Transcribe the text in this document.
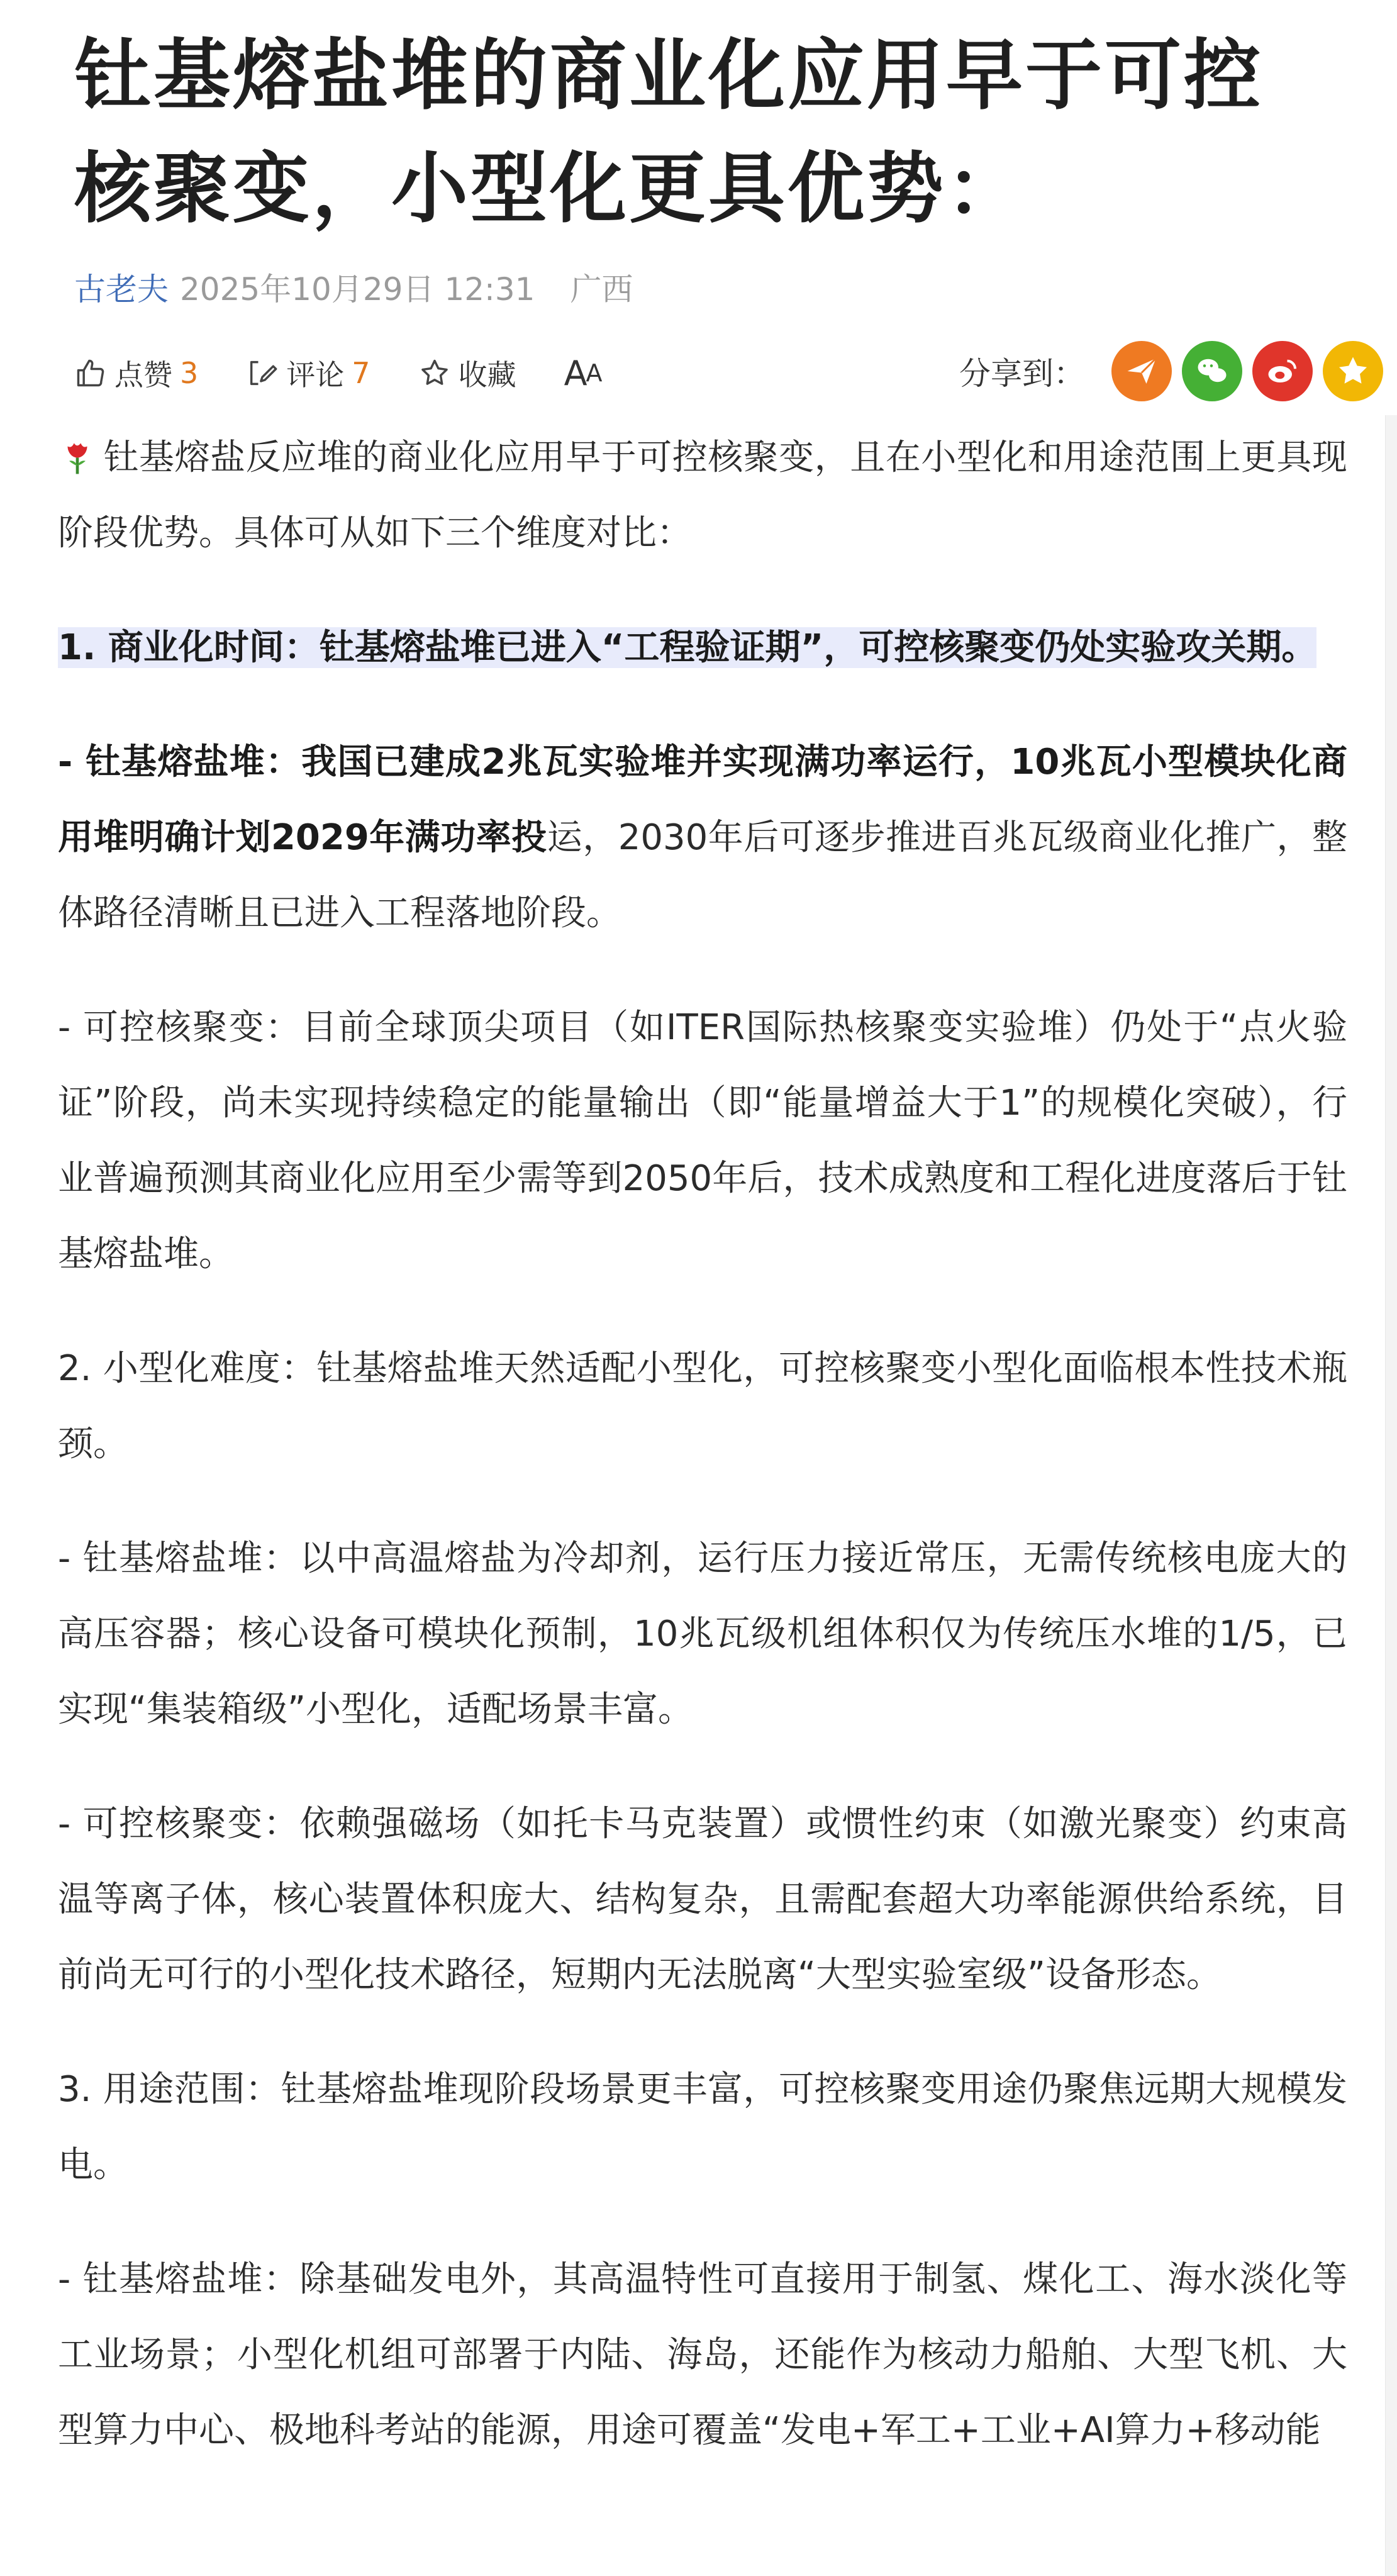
钍基熔盐堆的商业化应用早于可控核聚变，小型化更具优势：
古老夫 2025年10月29日 12:31 广西
点赞 3	评论 7	收藏 A A	分享到：

钍基熔盐反应堆的商业化应用早于可控核聚变，且在小型化和用途范围上更具现阶段优势。具体可从如下三个维度对比：

1. 商业化时间：钍基熔盐堆已进入“工程验证期”，可控核聚变仍处实验攻关期。

- 钍基熔盐堆：我国已建成2兆瓦实验堆并实现满功率运行，10兆瓦小型模块化商用堆明确计划2029年满功率投运，2030年后可逐步推进百兆瓦级商业化推广，整体路径清晰且已进入工程落地阶段。

- 可控核聚变：目前全球顶尖项目（如ITER国际热核聚变实验堆）仍处于“点火验证”阶段，尚未实现持续稳定的能量输出（即“能量增益大于1”的规模化突破），行业普遍预测其商业化应用至少需等到2050年后，技术成熟度和工程化进度落后于钍基熔盐堆。

2. 小型化难度：钍基熔盐堆天然适配小型化，可控核聚变小型化面临根本性技术瓶颈。

- 钍基熔盐堆：以中高温熔盐为冷却剂，运行压力接近常压，无需传统核电庞大的高压容器；核心设备可模块化预制，10兆瓦级机组体积仅为传统压水堆的1/5，已实现“集装箱级”小型化，适配场景丰富。

- 可控核聚变：依赖强磁场（如托卡马克装置）或惯性约束（如激光聚变）约束高温等离子体，核心装置体积庞大、结构复杂，且需配套超大功率能源供给系统，目前尚无可行的小型化技术路径，短期内无法脱离“大型实验室级”设备形态。

3. 用途范围：钍基熔盐堆现阶段场景更丰富，可控核聚变用途仍聚焦远期大规模发电。

- 钍基熔盐堆：除基础发电外，其高温特性可直接用于制氢、煤化工、海水淡化等工业场景；小型化机组可部署于内陆、海岛，还能作为核动力船舶、大型飞机、大型算力中心、极地科考站的能源，用途可覆盖“发电+军工+工业+AI算力+移动能
